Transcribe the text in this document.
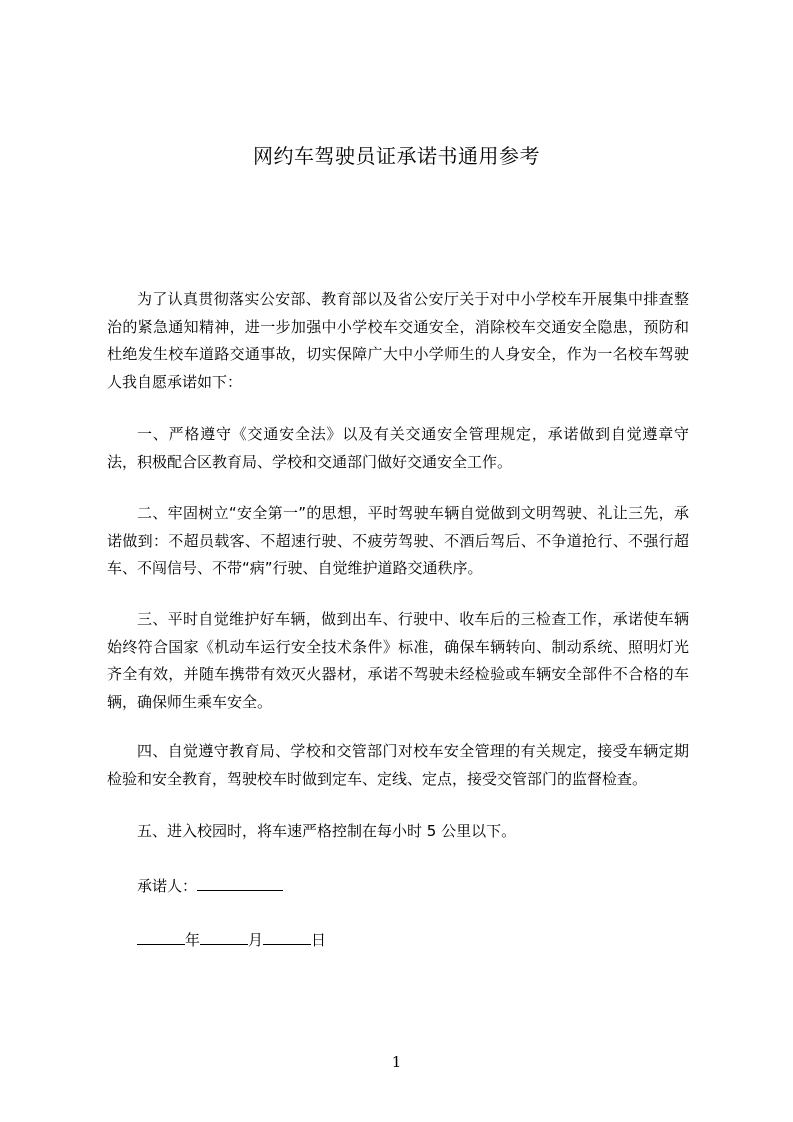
网约车驾驶员证承诺书通用参考

为了认真贯彻落实公安部、教育部以及省公安厅关于对中小学校车开展集中排查整治的紧急通知精神，进一步加强中小学校车交通安全，消除校车交通安全隐患，预防和杜绝发生校车道路交通事故，切实保障广大中小学师生的人身安全，作为一名校车驾驶人我自愿承诺如下：

一、严格遵守《交通安全法》以及有关交通安全管理规定，承诺做到自觉遵章守法，积极配合区教育局、学校和交通部门做好交通安全工作。

二、牢固树立“安全第一”的思想，平时驾驶车辆自觉做到文明驾驶、礼让三先，承诺做到：不超员载客、不超速行驶、不疲劳驾驶、不酒后驾后、不争道抢行、不强行超车、不闯信号、不带“病”行驶、自觉维护道路交通秩序。

三、平时自觉维护好车辆，做到出车、行驶中、收车后的三检查工作，承诺使车辆始终符合国家《机动车运行安全技术条件》标准，确保车辆转向、制动系统、照明灯光齐全有效，并随车携带有效灭火器材，承诺不驾驶未经检验或车辆安全部件不合格的车辆，确保师生乘车安全。

四、自觉遵守教育局、学校和交管部门对校车安全管理的有关规定，接受车辆定期检验和安全教育，驾驶校车时做到定车、定线、定点，接受交管部门的监督检查。

五、进入校园时，将车速严格控制在每小时 5 公里以下。

承诺人：
年	月	日
1
